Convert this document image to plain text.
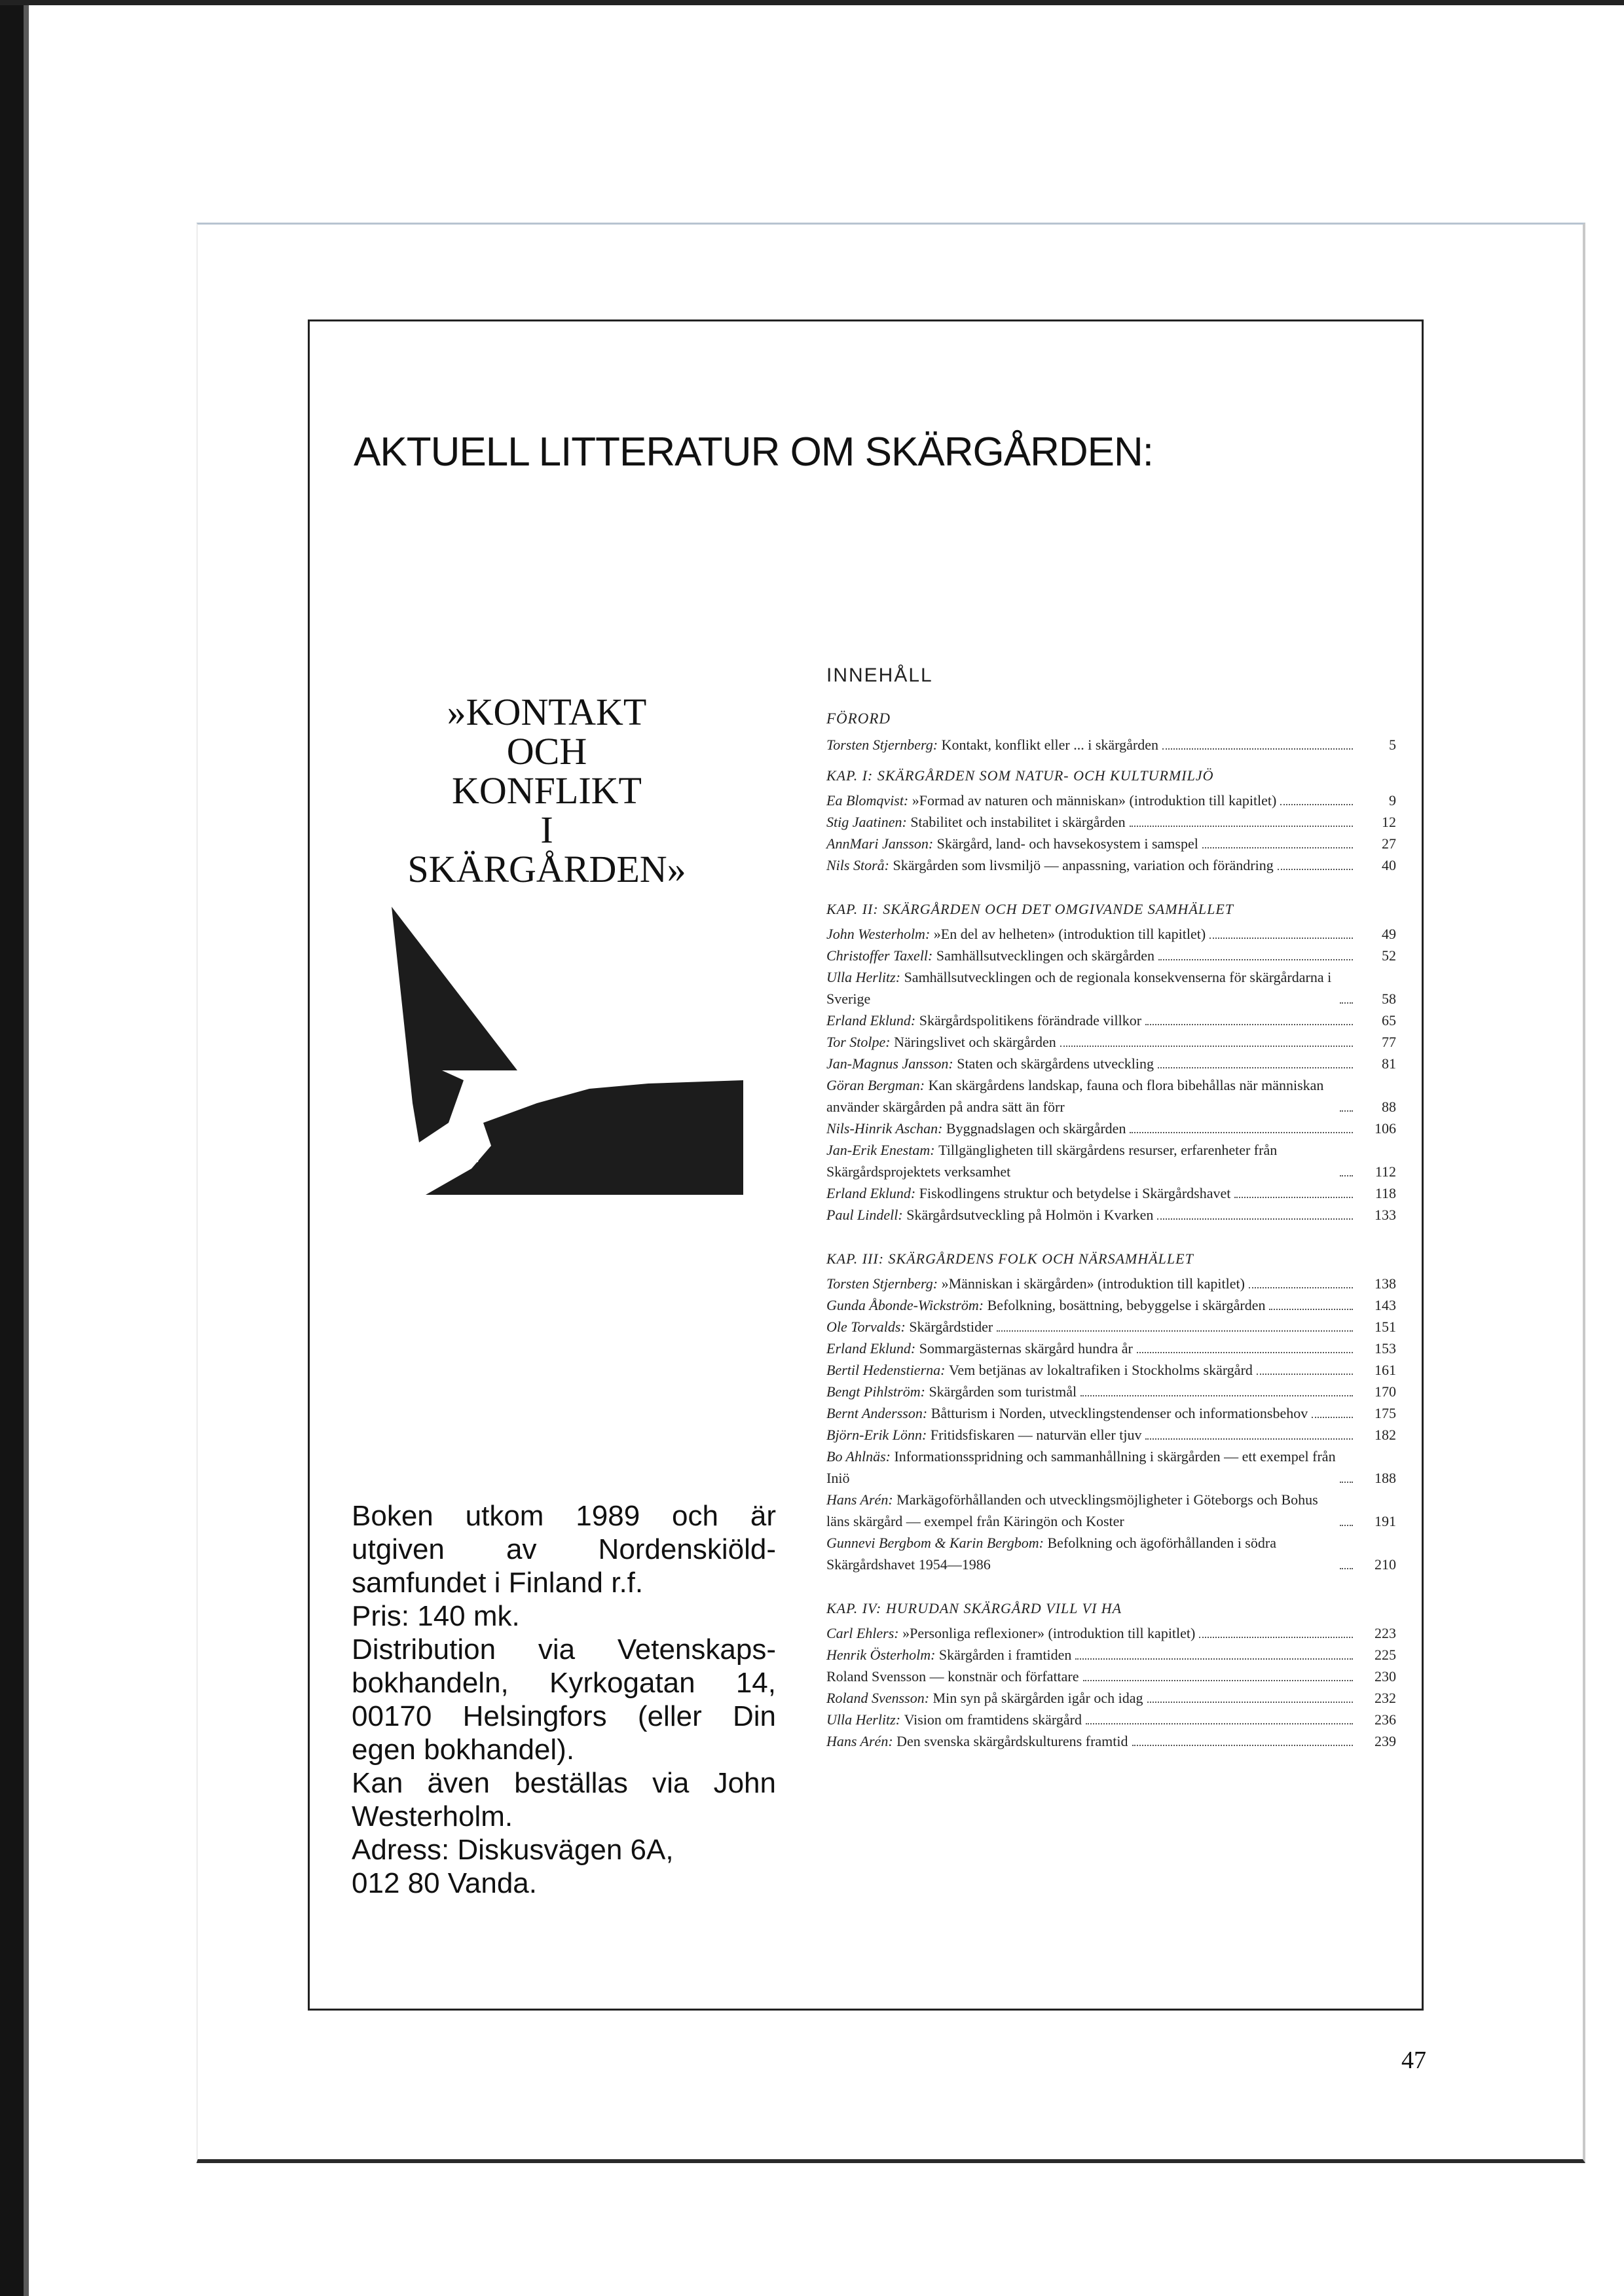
AKTUELL LITTERATUR OM SKÄRGÅRDEN:
»KONTAKT
OCH
KONFLIKT
I
SKÄRGÅRDEN»
Boken utkom 1989 och är
utgiven av Nordenskiöld-
samfundet i Finland r.f.
Pris: 140 mk.
Distribution via Vetenskaps-
bokhandeln, Kyrkogatan 14,
00170 Helsingfors (eller Din
egen bokhandel).
Kan även beställas via John
Westerholm.
Adress: Diskusvägen 6A,
012 80 Vanda.
INNEHÅLL
FÖRORD
Torsten Stjernberg: Kontakt, konflikt eller ... i skärgården	5
KAP. I: SKÄRGÅRDEN SOM NATUR- OCH KULTURMILJÖ
Ea Blomqvist: »Formad av naturen och människan» (introduktion till kapitlet)	9
Stig Jaatinen: Stabilitet och instabilitet i skärgården	12
AnnMari Jansson: Skärgård, land- och havsekosystem i samspel	27
Nils Storå: Skärgården som livsmiljö — anpassning, variation och förändring	40
KAP. II: SKÄRGÅRDEN OCH DET OMGIVANDE SAMHÄLLET
John Westerholm: »En del av helheten» (introduktion till kapitlet)	49
Christoffer Taxell: Samhällsutvecklingen och skärgården	52
Ulla Herlitz: Samhällsutvecklingen och de regionala konsekvenserna för skärgårdarna i Sverige	58
Erland Eklund: Skärgårdspolitikens förändrade villkor	65
Tor Stolpe: Näringslivet och skärgården	77
Jan-Magnus Jansson: Staten och skärgårdens utveckling	81
Göran Bergman: Kan skärgårdens landskap, fauna och flora bibehållas när människan använder skärgården på andra sätt än förr	88
Nils-Hinrik Aschan: Byggnadslagen och skärgården	106
Jan-Erik Enestam: Tillgängligheten till skärgårdens resurser, erfarenheter från Skärgårdsprojektets verksamhet	112
Erland Eklund: Fiskodlingens struktur och betydelse i Skärgårdshavet	118
Paul Lindell: Skärgårdsutveckling på Holmön i Kvarken	133
KAP. III: SKÄRGÅRDENS FOLK OCH NÄRSAMHÄLLET
Torsten Stjernberg: »Människan i skärgården» (introduktion till kapitlet)	138
Gunda Åbonde-Wickström: Befolkning, bosättning, bebyggelse i skärgården	143
Ole Torvalds: Skärgårdstider	151
Erland Eklund: Sommargästernas skärgård hundra år	153
Bertil Hedenstierna: Vem betjänas av lokaltrafiken i Stockholms skärgård	161
Bengt Pihlström: Skärgården som turistmål	170
Bernt Andersson: Båtturism i Norden, utvecklingstendenser och informationsbehov	175
Björn-Erik Lönn: Fritidsfiskaren — naturvän eller tjuv	182
Bo Ahlnäs: Informationsspridning och sammanhållning i skärgården — ett exempel från Iniö	188
Hans Arén: Markägoförhållanden och utvecklingsmöjligheter i Göteborgs och Bohus läns skärgård — exempel från Käringön och Koster	191
Gunnevi Bergbom & Karin Bergbom: Befolkning och ägoförhållanden i södra Skärgårdshavet 1954—1986	210
KAP. IV: HURUDAN SKÄRGÅRD VILL VI HA
Carl Ehlers: »Personliga reflexioner» (introduktion till kapitlet)	223
Henrik Österholm: Skärgården i framtiden	225
Roland Svensson — konstnär och författare	230
Roland Svensson: Min syn på skärgården igår och idag	232
Ulla Herlitz: Vision om framtidens skärgård	236
Hans Arén: Den svenska skärgårdskulturens framtid	239
47
